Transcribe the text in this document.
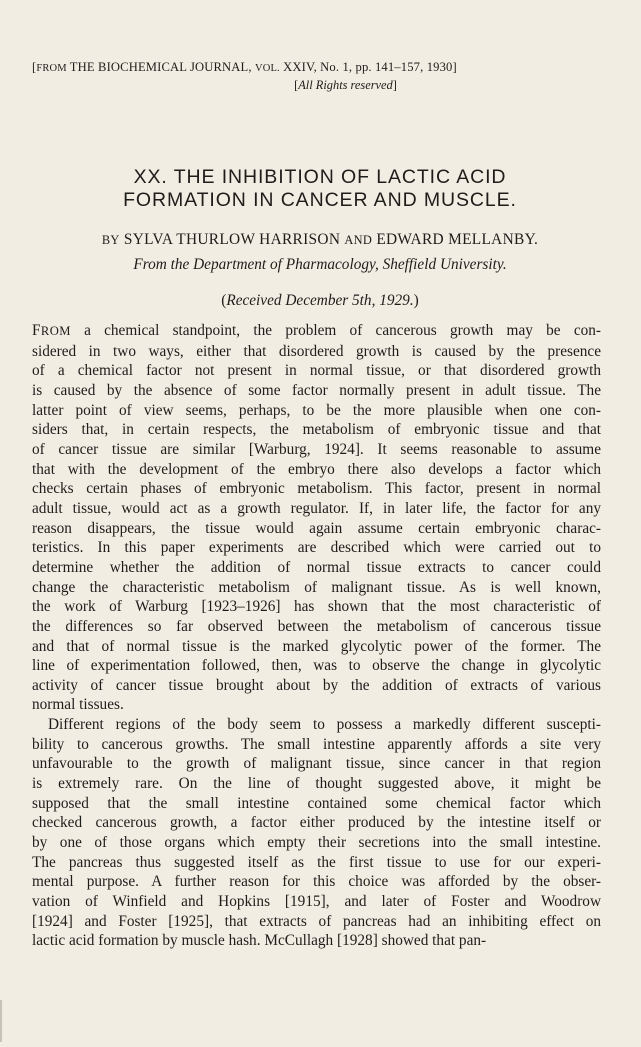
[FROM THE BIOCHEMICAL JOURNAL, VOL. XXIV, No. 1, pp. 141–157, 1930]
[All Rights reserved]
XX. THE INHIBITION OF LACTIC ACID
FORMATION IN CANCER AND MUSCLE.
BY SYLVA THURLOW HARRISON AND EDWARD MELLANBY.
From the Department of Pharmacology, Sheffield University.
(Received December 5th, 1929.)
FROM a chemical standpoint, the problem of cancerous growth may be con-
sidered in two ways, either that disordered growth is caused by the presence
of a chemical factor not present in normal tissue, or that disordered growth
is caused by the absence of some factor normally present in adult tissue. The
latter point of view seems, perhaps, to be the more plausible when one con-
siders that, in certain respects, the metabolism of embryonic tissue and that
of cancer tissue are similar [Warburg, 1924]. It seems reasonable to assume
that with the development of the embryo there also develops a factor which
checks certain phases of embryonic metabolism. This factor, present in normal
adult tissue, would act as a growth regulator. If, in later life, the factor for any
reason disappears, the tissue would again assume certain embryonic charac-
teristics. In this paper experiments are described which were carried out to
determine whether the addition of normal tissue extracts to cancer could
change the characteristic metabolism of malignant tissue. As is well known,
the work of Warburg [1923–1926] has shown that the most characteristic of
the differences so far observed between the metabolism of cancerous tissue
and that of normal tissue is the marked glycolytic power of the former. The
line of experimentation followed, then, was to observe the change in glycolytic
activity of cancer tissue brought about by the addition of extracts of various
normal tissues.
Different regions of the body seem to possess a markedly different suscepti-
bility to cancerous growths. The small intestine apparently affords a site very
unfavourable to the growth of malignant tissue, since cancer in that region
is extremely rare. On the line of thought suggested above, it might be
supposed that the small intestine contained some chemical factor which
checked cancerous growth, a factor either produced by the intestine itself or
by one of those organs which empty their secretions into the small intestine.
The pancreas thus suggested itself as the first tissue to use for our experi-
mental purpose. A further reason for this choice was afforded by the obser-
vation of Winfield and Hopkins [1915], and later of Foster and Woodrow
[1924] and Foster [1925], that extracts of pancreas had an inhibiting effect on
lactic acid formation by muscle hash. McCullagh [1928] showed that pan-
